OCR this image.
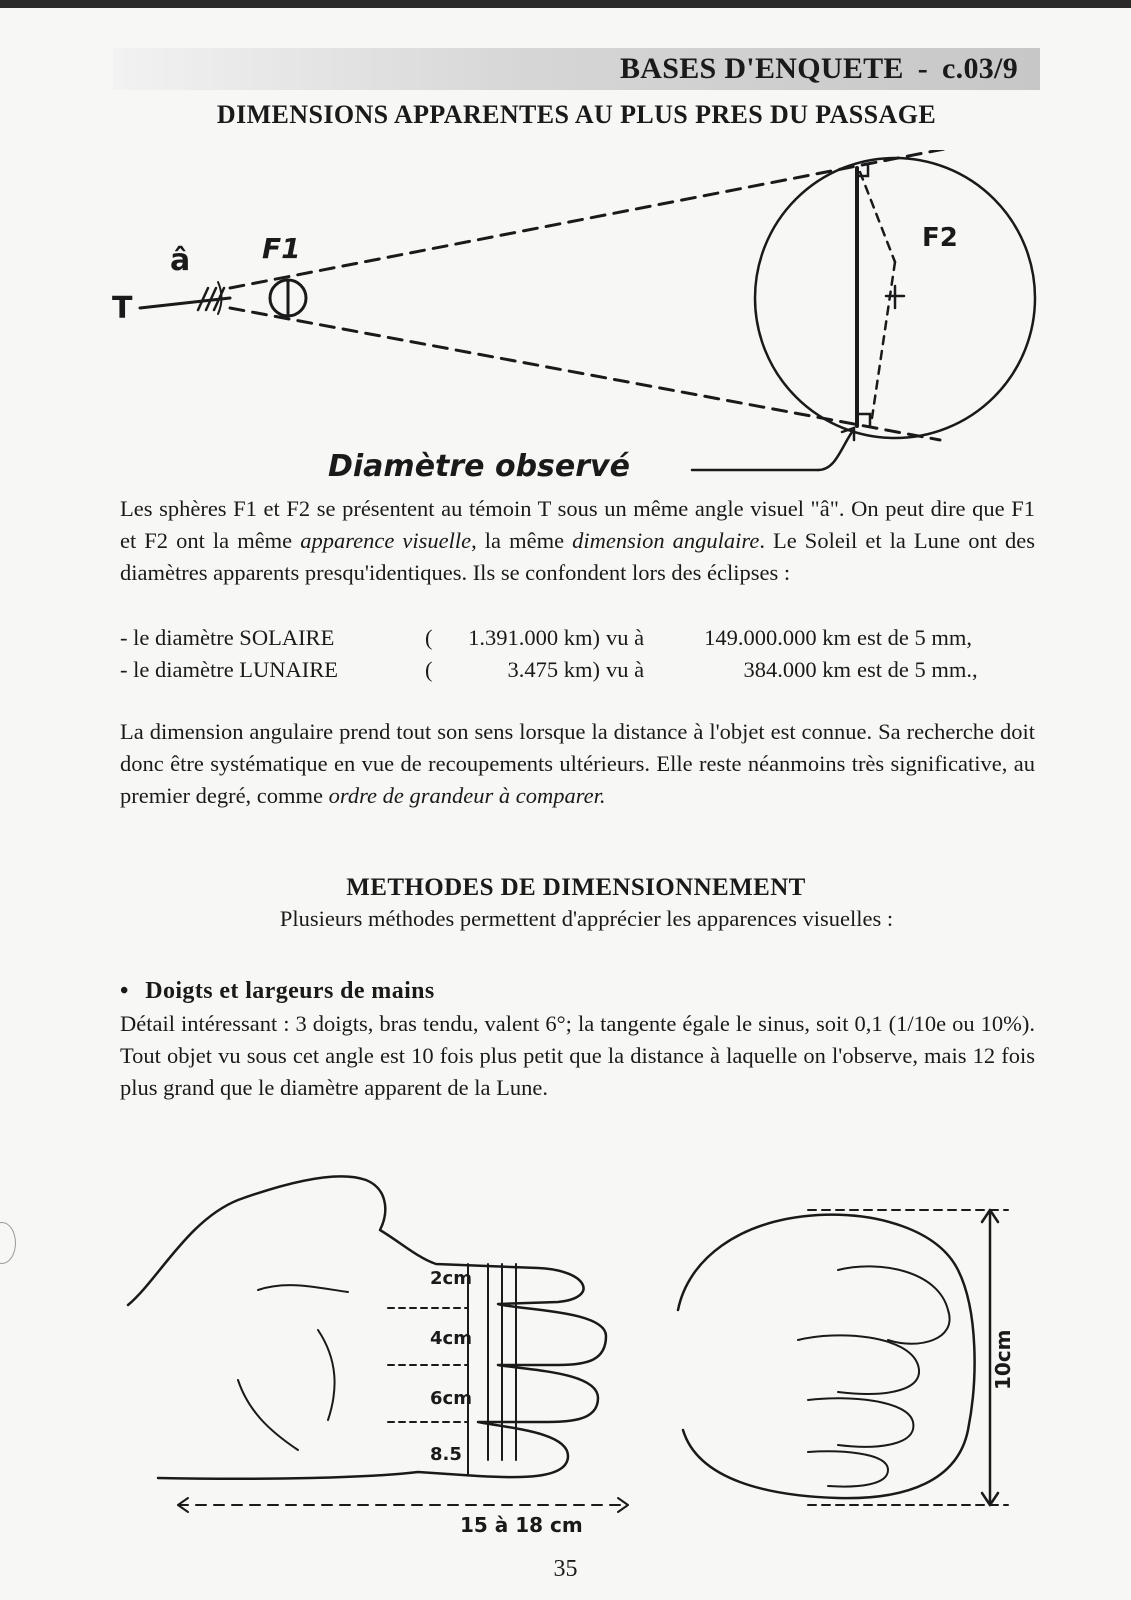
BASES D'ENQUETE - c.03/9
DIMENSIONS APPARENTES AU PLUS PRES DU PASSAGE
T
â	F1	F2
Diamètre observé

Les sphères F1 et F2 se présentent au témoin T sous un même angle visuel "â". On peut dire que F1 et F2 ont la même apparence visuelle, la même dimension angulaire. Le Soleil et la Lune ont des diamètres apparents presqu'identiques. Ils se confondent lors des éclipses :

- le diamètre SOLAIRE	(	1.391.000 km) vu à	149.000.000 km est de 5 mm,
- le diamètre LUNAIRE	(	3.475 km) vu à	384.000 km est de 5 mm.,

La dimension angulaire prend tout son sens lorsque la distance à l'objet est connue. Sa recherche doit donc être systématique en vue de recoupements ultérieurs. Elle reste néanmoins très significative, au premier degré, comme ordre de grandeur à comparer.

METHODES DE DIMENSIONNEMENT
Plusieurs méthodes permettent d'apprécier les apparences visuelles :
• Doigts et largeurs de mains

Détail intéressant : 3 doigts, bras tendu, valent 6°; la tangente égale le sinus, soit 0,1 (1/10e ou 10%). Tout objet vu sous cet angle est 10 fois plus petit que la distance à laquelle on l'observe, mais 12 fois plus grand que le diamètre apparent de la Lune.

2cm
4cm
6cm
8.5
15 à 18 cm
10cm
35
